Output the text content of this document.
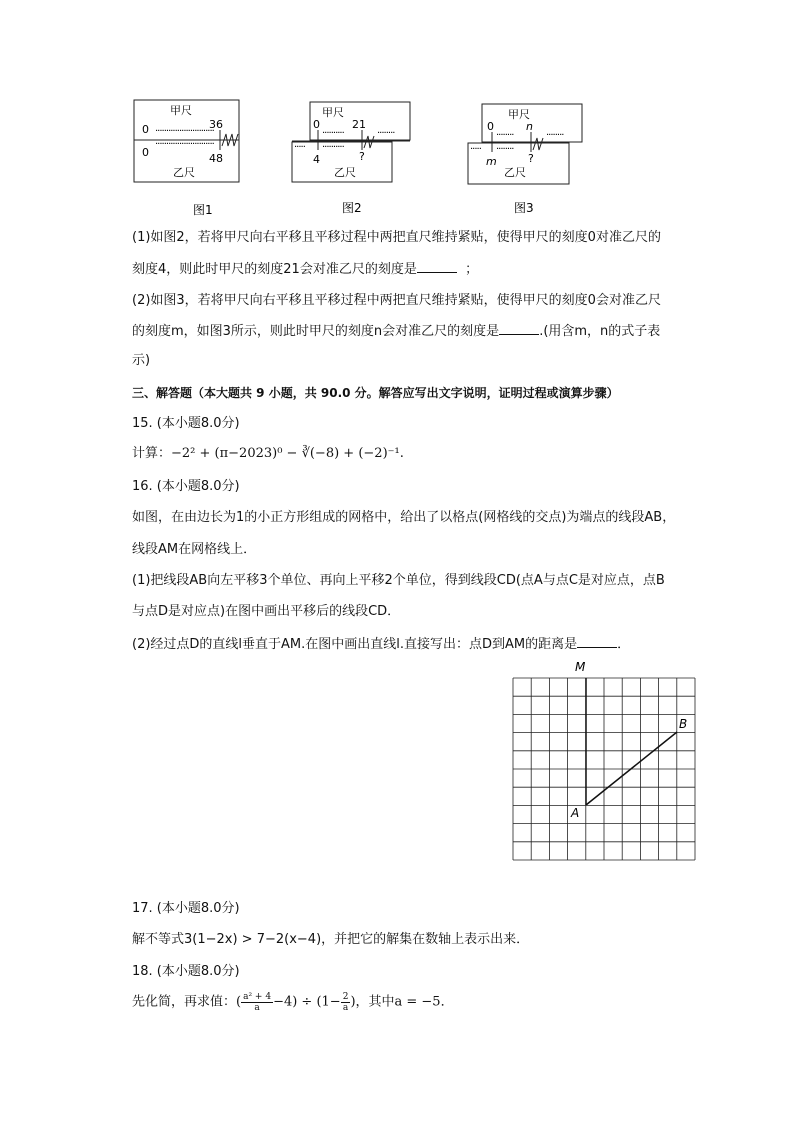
甲尺
0 ···························
36
0
···························
48
乙尺
甲尺
0
··········
21
········
····· ··········
4	?
乙尺
甲尺
0
········
n
········
····· ········
m	?
乙尺
图1	图2	图3
(1)如图2，若将甲尺向右平移且平移过程中两把直尺维持紧贴，使得甲尺的刻度0对准乙尺的
刻度4，则此时甲尺的刻度21会对准乙尺的刻度是	；
(2)如图3，若将甲尺向右平移且平移过程中两把直尺维持紧贴，使得甲尺的刻度0会对准乙尺
的刻度m，如图3所示，则此时甲尺的刻度n会对准乙尺的刻度是	.(用含m，n的式子表
示)
三、解答题（本大题共 9 小题，共 90.0 分。解答应写出文字说明，证明过程或演算步骤）
15. (本小题8.0分)
计算：−2² + (π−2023)⁰ − ∛(−8) + (−2)⁻¹.
16. (本小题8.0分)
如图，在由边长为1的小正方形组成的网格中，给出了以格点(网格线的交点)为端点的线段AB，
线段AM在网格线上．
(1)把线段AB向左平移3个单位、再向上平移2个单位，得到线段CD(点A与点C是对应点，点B
与点D是对应点)在图中画出平移后的线段CD．
(2)经过点D的直线l垂直于AM.在图中画出直线l.直接写出：点D到AM的距离是	．
M
A
B
17. (本小题8.0分)
解不等式3(1−2x) > 7−2(x−4)，并把它的解集在数轴上表示出来．
18. (本小题8.0分)
先化简，再求值：( $\frac{\text{a² + 4}}{a} -4) \div (1- \frac{2}{a}$ )，其中a = −5．
